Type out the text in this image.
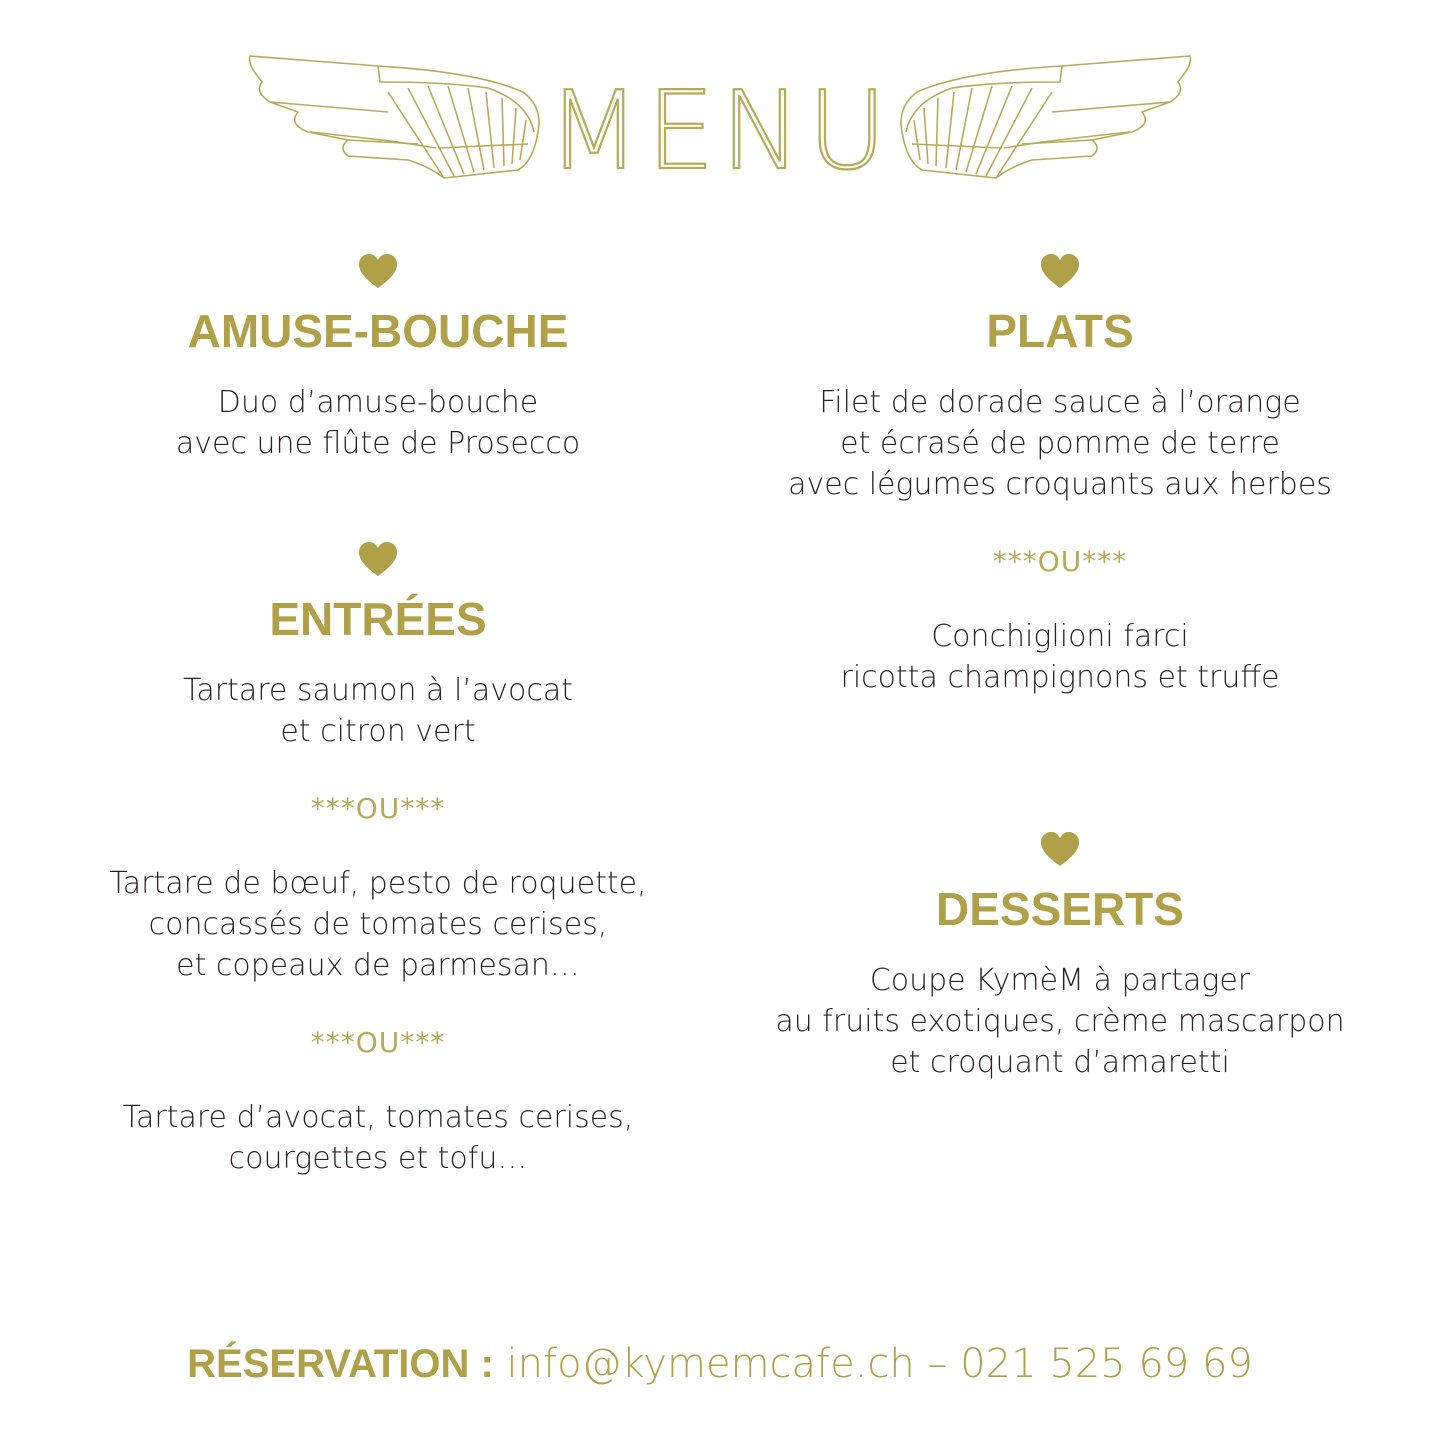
MENU
AMUSE-BOUCHE

Duo d’amuse-bouche

avec une flûte de Prosecco

ENTRÉES

Tartare saumon à l’avocat

et citron vert

***OU***

Tartare de bœuf, pesto de roquette,

concassés de tomates cerises,

et copeaux de parmesan…

***OU***

Tartare d’avocat, tomates cerises,

courgettes et tofu…

PLATS

Filet de dorade sauce à l’orange

et écrasé de pomme de terre

avec légumes croquants aux herbes

***OU***

Conchiglioni farci

ricotta champignons et truffe

DESSERTS

Coupe KymèM à partager

au fruits exotiques, crème mascarpon

et croquant d’amaretti

RÉSERVATION : info@kymemcafe.ch – 021 525 69 69
